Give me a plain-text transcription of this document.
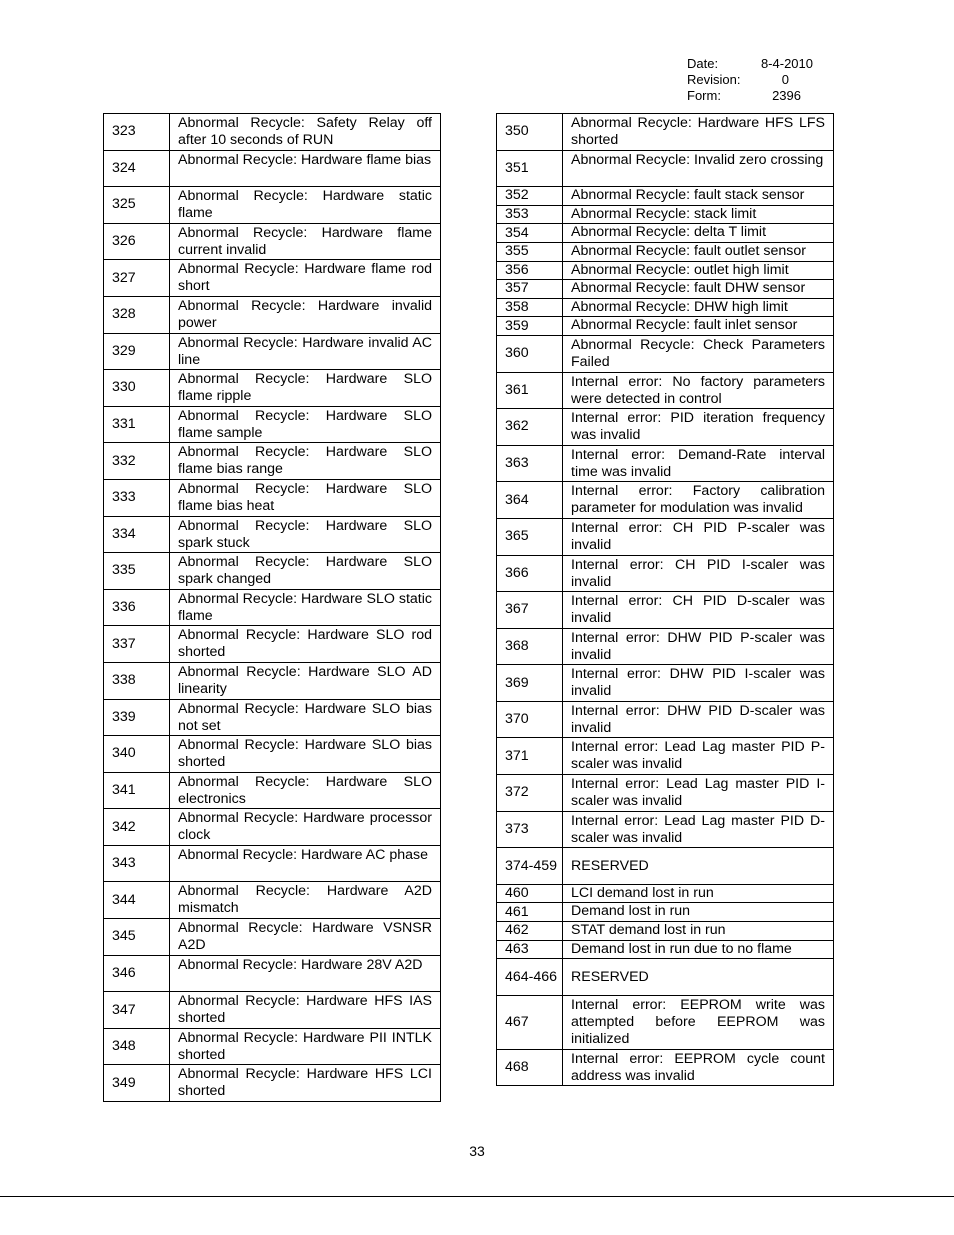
Date:	8-4-2010
Revision:	0
Form:	2396
323	Abnormal Recycle: Safety Relay off after 10 seconds of RUN
324	Abnormal Recycle: Hardware flame bias
325	Abnormal Recycle: Hardware static flame
326	Abnormal Recycle: Hardware flame current invalid
327	Abnormal Recycle: Hardware flame rod short
328	Abnormal Recycle: Hardware invalid power
329	Abnormal Recycle: Hardware invalid AC line
330	Abnormal Recycle: Hardware SLO flame ripple
331	Abnormal Recycle: Hardware SLO flame sample
332	Abnormal Recycle: Hardware SLO flame bias range
333	Abnormal Recycle: Hardware SLO flame bias heat
334	Abnormal Recycle: Hardware SLO spark stuck
335	Abnormal Recycle: Hardware SLO spark changed
336	Abnormal Recycle: Hardware SLO static flame
337	Abnormal Recycle: Hardware SLO rod shorted
338	Abnormal Recycle: Hardware SLO AD linearity
339	Abnormal Recycle: Hardware SLO bias not set
340	Abnormal Recycle: Hardware SLO bias shorted
341	Abnormal Recycle: Hardware SLO electronics
342	Abnormal Recycle: Hardware processor clock
343	Abnormal Recycle: Hardware AC phase
344	Abnormal Recycle: Hardware A2D mismatch
345	Abnormal Recycle: Hardware VSNSR A2D
346	Abnormal Recycle: Hardware 28V A2D
347	Abnormal Recycle: Hardware HFS IAS shorted
348	Abnormal Recycle: Hardware PII INTLK shorted
349	Abnormal Recycle: Hardware HFS LCI shorted
350	Abnormal Recycle: Hardware HFS LFS shorted
351	Abnormal Recycle: Invalid zero crossing
352	Abnormal Recycle: fault stack sensor
353	Abnormal Recycle: stack limit
354	Abnormal Recycle: delta T limit
355	Abnormal Recycle: fault outlet sensor
356	Abnormal Recycle: outlet high limit
357	Abnormal Recycle: fault DHW sensor
358	Abnormal Recycle: DHW high limit
359	Abnormal Recycle: fault inlet sensor
360	Abnormal Recycle: Check Parameters Failed
361	Internal error: No factory parameters were detected in control
362	Internal error: PID iteration frequency was invalid
363	Internal error: Demand-Rate interval time was invalid
364	Internal error: Factory calibration parameter for modulation was invalid
365	Internal error: CH PID P-scaler was invalid
366	Internal error: CH PID I-scaler was invalid
367	Internal error: CH PID D-scaler was invalid
368	Internal error: DHW PID P-scaler was invalid
369	Internal error: DHW PID I-scaler was invalid
370	Internal error: DHW PID D-scaler was invalid
371	Internal error: Lead Lag master PID P-scaler was invalid
372	Internal error: Lead Lag master PID I-scaler was invalid
373	Internal error: Lead Lag master PID D-scaler was invalid
374-459	RESERVED
460	LCI demand lost in run
461	Demand lost in run
462	STAT demand lost in run
463	Demand lost in run due to no flame
464-466	RESERVED
467	Internal error: EEPROM write was attempted before EEPROM was initialized
468	Internal error: EEPROM cycle count address was invalid
33
